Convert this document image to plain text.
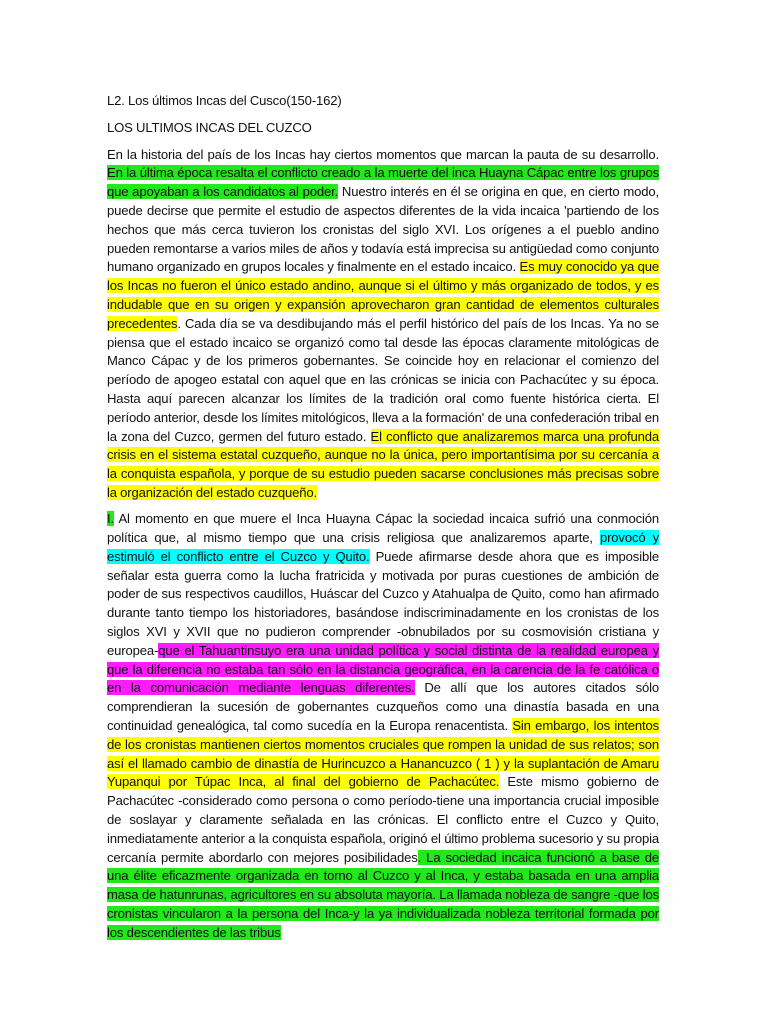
L2. Los últimos Incas del Cusco(150-162)
LOS ULTIMOS INCAS DEL CUZCO

En la historia del país de los Incas hay ciertos momentos que marcan la pauta de su desarrollo. En la última época resalta el conflicto creado a la muerte del inca Huayna Cápac entre los grupos que apoyaban a los candidatos al poder. Nuestro interés en él se origina en que, en cierto modo, puede decirse que permite el estudio de aspectos diferentes de la vida incaica 'partiendo de los hechos que más cerca tuvieron los cronistas del siglo XVI. Los orígenes a el pueblo andino pueden remontarse a varios miles de años y todavía está imprecisa su antigüedad como conjunto humano organizado en grupos locales y finalmente en el estado incaico. Es muy conocido ya que los Incas no fueron el único estado andino, aunque si el último y más organizado de todos, y es indudable que en su origen y expansión aprovecharon gran cantidad de elementos culturales precedentes. Cada día se va desdibujando más el perfil histórico del país de los Incas. Ya no se piensa que el estado incaico se organizó como tal desde las épocas claramente mitológicas de Manco Cápac y de los primeros gobernantes. Se coincide hoy en relacionar el comienzo del período de apogeo estatal con aquel que en las crónicas se inicia con Pachacútec y su época. Hasta aquí parecen alcanzar los límites de la tradición oral como fuente histórica cierta. El período anterior, desde los límites mitológicos, lleva a la formación' de una confederación tribal en la zona del Cuzco, germen del futuro estado. El conflicto que analizaremos marca una profunda crisis en el sistema estatal cuzqueño, aunque no la única, pero importantísima por su cercanía a la conquista española, y porque de su estudio pueden sacarse conclusiones más precisas sobre la organización del estado cuzqueño.

I. Al momento en que muere el Inca Huayna Cápac la sociedad incaica sufrió una conmoción política que, al mismo tiempo que una crisis religiosa que analizaremos aparte, provocó y estimuló el conflicto entre el Cuzco y Quito. Puede afirmarse desde ahora que es imposible señalar esta guerra como la lucha fratricida y motivada por puras cuestiones de ambición de poder de sus respectivos caudillos, Huáscar del Cuzco y Atahualpa de Quito, como han afirmado durante tanto tiempo los historiadores, basándose indiscriminadamente en los cronistas de los siglos XVI y XVII que no pudieron comprender -obnubilados por su cosmovisión cristiana y europea-que el Tahuantinsuyo era una unidad política y social distinta de la realidad europea y que la diferencia no estaba tan sólo en la distancia geográfica, en la carencia de la fe católica o en la comunicación mediante lenguas diferentes. De allí que los autores citados sólo comprendieran la sucesión de gobernantes cuzqueños como una dinastía basada en una continuidad genealógica, tal como sucedía en la Europa renacentista. Sin embargo, los intentos de los cronistas mantienen ciertos momentos cruciales que rompen la unidad de sus relatos; son así el llamado cambio de dinastía de Hurincuzco a Hanancuzco ( 1 ) y la suplantación de Amaru Yupanqui por Túpac Inca, al final del gobierno de Pachacútec. Este mismo gobierno de Pachacútec -considerado como persona o como período-tiene una importancia crucial imposible de soslayar y claramente señalada en las crónicas. El conflicto entre el Cuzco y Quito, inmediatamente anterior a la conquista española, originó el último problema sucesorio y su propia cercanía permite abordarlo con mejores posibilidades. La sociedad incaica funcionó a base de una élite eficazmente organizada en torno al Cuzco y al Inca, y estaba basada en una amplia masa de hatunrunas, agricultores en su absoluta mayoría. La llamada nobleza de sangre -que los cronistas vincularon a la persona del Inca-y la ya individualizada nobleza territorial formada por los descendientes de las tribus
